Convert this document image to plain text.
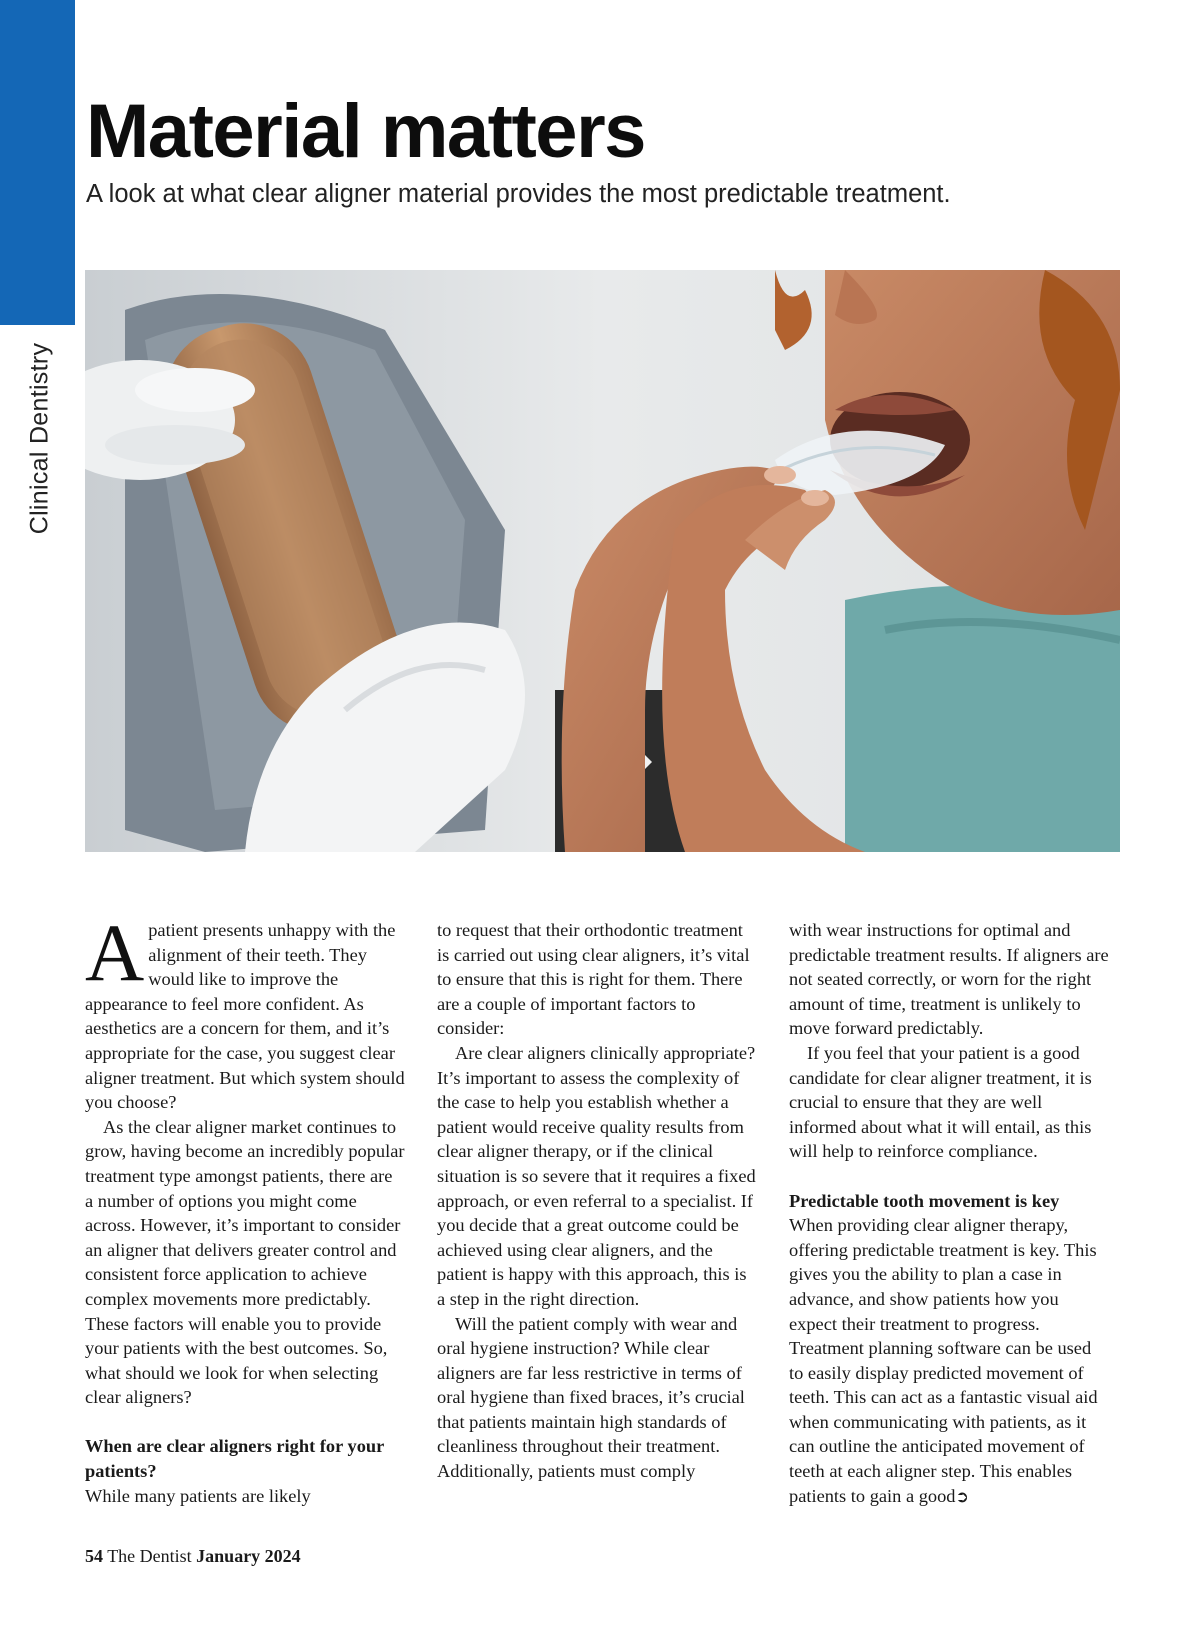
Clinical Dentistry
Material matters

A look at what clear aligner material provides the most predictable treatment.

Apatient presents unhappy with the alignment of their teeth. They would like to improve the appearance to feel more confident. As aesthetics are a concern for them, and it’s appropriate for the case, you suggest clear aligner treatment. But which system should you choose?

As the clear aligner market continues to grow, having become an incredibly popular treatment type amongst patients, there are a number of options you might come across. However, it’s important to consider an aligner that delivers greater control and consistent force application to achieve complex movements more predictably. These factors will enable you to provide your patients with the best outcomes. So, what should we look for when selecting clear aligners?

When are clear aligners right for your patients?

While many patients are likely

to request that their orthodontic treatment is carried out using clear aligners, it’s vital to ensure that this is right for them. There are a couple of important factors to consider:

Are clear aligners clinically appropriate? It’s important to assess the complexity of the case to help you establish whether a patient would receive quality results from clear aligner therapy, or if the clinical situation is so severe that it requires a fixed approach, or even referral to a specialist. If you decide that a great outcome could be achieved using clear aligners, and the patient is happy with this approach, this is a step in the right direction.

Will the patient comply with wear and oral hygiene instruction? While clear aligners are far less restrictive in terms of oral hygiene than fixed braces, it’s crucial that patients maintain high standards of cleanliness throughout their treatment. Additionally, patients must comply

with wear instructions for optimal and predictable treatment results. If aligners are not seated correctly, or worn for the right amount of time, treatment is unlikely to move forward predictably.

If you feel that your patient is a good candidate for clear aligner treatment, it is crucial to ensure that they are well informed about what it will entail, as this will help to reinforce compliance.

Predictable tooth movement is key

When providing clear aligner therapy, offering predictable treatment is key. This gives you the ability to plan a case in advance, and show patients how you expect their treatment to progress. Treatment planning software can be used to easily display predicted movement of teeth. This can act as a fantastic visual aid when communicating with patients, as it can outline the anticipated movement of teeth at each aligner step. This enables patients to gain a good➲

54 The Dentist January 2024
